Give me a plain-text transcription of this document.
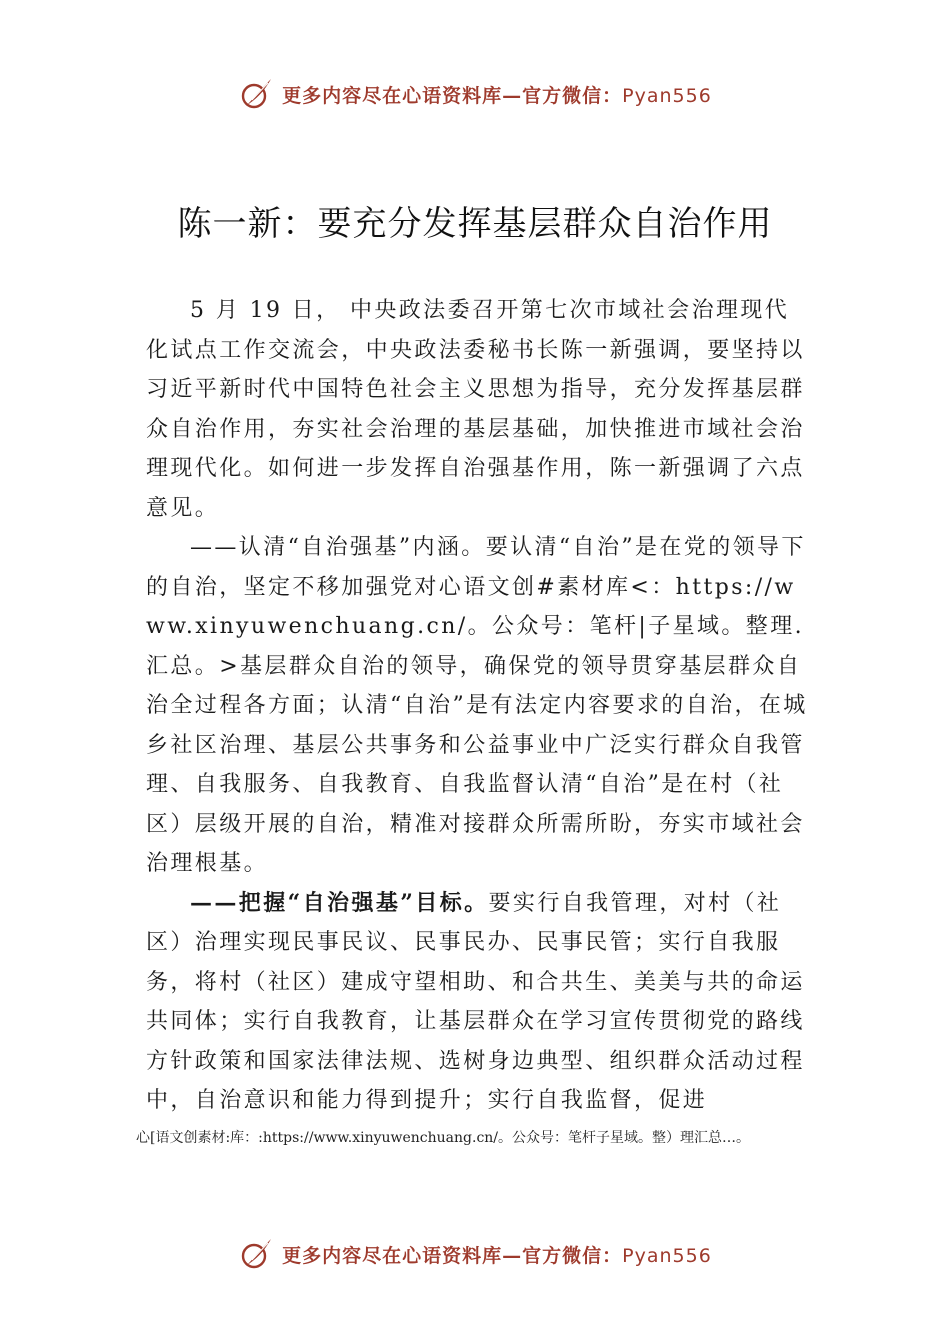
更多内容尽在心语资料库—官方微信：Pyan556
陈一新：要充分发挥基层群众自治作用

5 月 19 日， 中央政法委召开第七次市域社会治理现代化试点工作交流会，中央政法委秘书长陈一新强调，要坚持以习近平新时代中国特色社会主义思想为指导，充分发挥基层群众自治作用，夯实社会治理的基层基础，加快推进市域社会治理现代化。如何进一步发挥自治强基作用，陈一新强调了六点意见。

——认清“自治强基”内涵。要认清“自治”是在党的领导下的自治，坚定不移加强党对心语文创#素材库<：https://www.xinyuwenchuang.cn/。公众号：笔杆|子星域。整理.汇总。>基层群众自治的领导，确保党的领导贯穿基层群众自治全过程各方面；认清“自治”是有法定内容要求的自治，在城乡社区治理、基层公共事务和公益事业中广泛实行群众自我管理、自我服务、自我教育、自我监督认清“自治”是在村（社区）层级开展的自治，精准对接群众所需所盼，夯实市域社会治理根基。

——把握“自治强基”目标。要实行自我管理，对村（社区）治理实现民事民议、民事民办、民事民管；实行自我服务，将村（社区）建成守望相助、和合共生、美美与共的命运共同体；实行自我教育，让基层群众在学习宣传贯彻党的路线方针政策和国家法律法规、选树身边典型、组织群众活动过程中，自治意识和能力得到提升；实行自我监督，促进

心[语文创素材:库：:https://www.xinyuwenchuang.cn/。公众号：笔杆子星域。整）理汇总…。
更多内容尽在心语资料库—官方微信：Pyan556
